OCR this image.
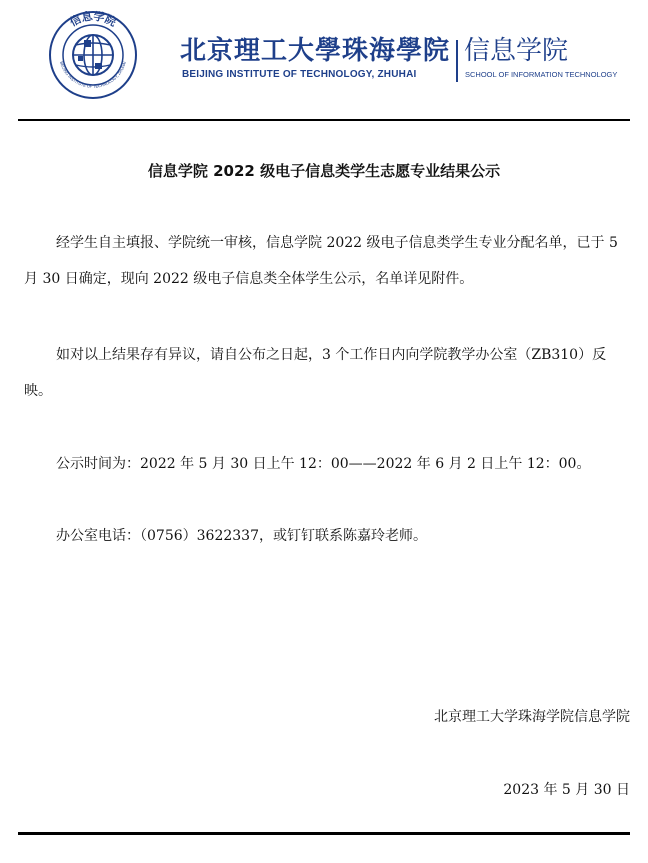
信息学院
BEIJING INSTITUTE OF TECHNOLOGY, ZHUHAI 北京理工大學珠海學院
BEIJING INSTITUTE OF TECHNOLOGY, ZHUHAI
信息学院
SCHOOL OF INFORMATION TECHNOLOGY
信息学院 2022 级电子信息类学生志愿专业结果公示
经学生自主填报、学院统一审核，信息学院 2022 级电子信息类学生专业分配名单，已于 5 月 30 日确定，现向 2022 级电子信息类全体学生公示，名单详见附件。
如对以上结果存有异议，请自公布之日起，3 个工作日内向学院教学办公室（ZB310）反映。
公示时间为：2022 年 5 月 30 日上午 12：00——2022 年 6 月 2 日上午 12：00。
办公室电话：（0756）3622337，或钉钉联系陈嘉玲老师。
北京理工大学珠海学院信息学院
2023 年 5 月 30 日
